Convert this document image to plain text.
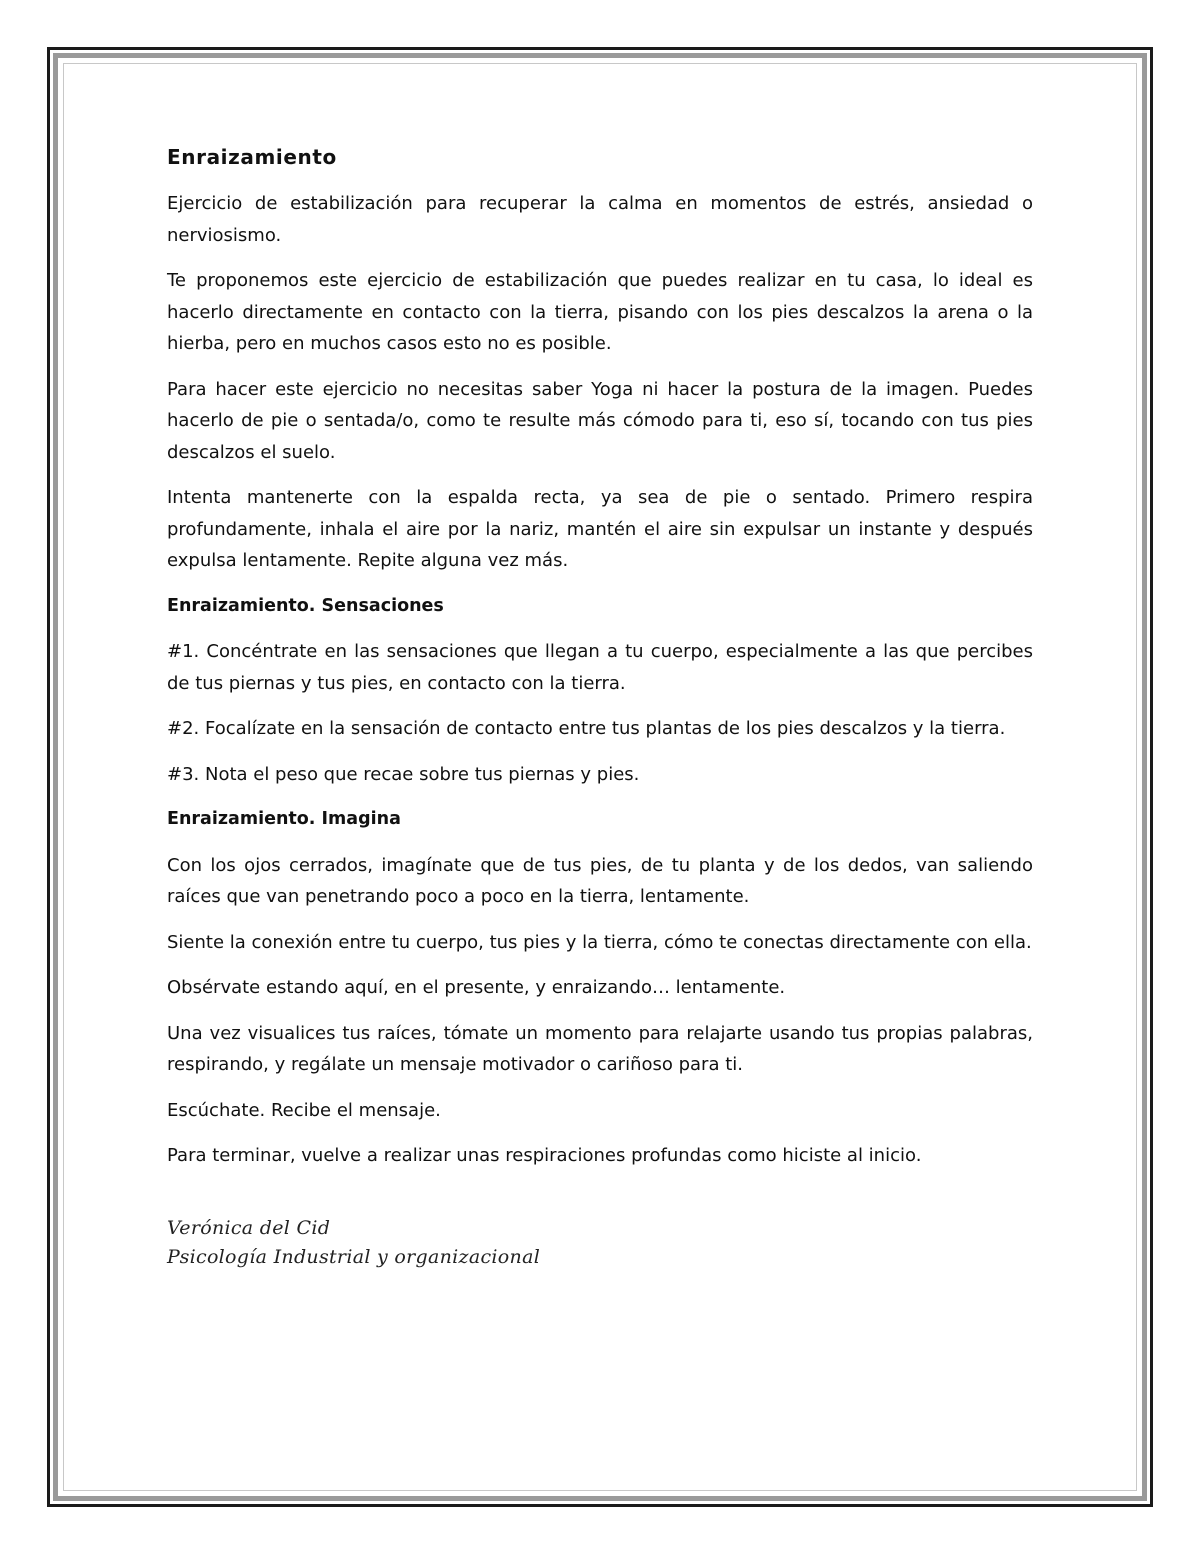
Enraizamiento

Ejercicio de estabilización para recuperar la calma en momentos de estrés, ansiedad o nerviosismo.

Te proponemos este ejercicio de estabilización que puedes realizar en tu casa, lo ideal es hacerlo directamente en contacto con la tierra, pisando con los pies descalzos la arena o la hierba, pero en muchos casos esto no es posible.

Para hacer este ejercicio no necesitas saber Yoga ni hacer la postura de la imagen. Puedes hacerlo de pie o sentada/o, como te resulte más cómodo para ti, eso sí, tocando con tus pies descalzos el suelo.

Intenta mantenerte con la espalda recta, ya sea de pie o sentado. Primero respira profundamente, inhala el aire por la nariz, mantén el aire sin expulsar un instante y después expulsa lentamente. Repite alguna vez más.

Enraizamiento. Sensaciones

#1. Concéntrate en las sensaciones que llegan a tu cuerpo, especialmente a las que percibes de tus piernas y tus pies, en contacto con la tierra.

#2. Focalízate en la sensación de contacto entre tus plantas de los pies descalzos y la tierra.

#3. Nota el peso que recae sobre tus piernas y pies.

Enraizamiento. Imagina

Con los ojos cerrados, imagínate que de tus pies, de tu planta y de los dedos, van saliendo raíces que van penetrando poco a poco en la tierra, lentamente.

Siente la conexión entre tu cuerpo, tus pies y la tierra, cómo te conectas directamente con ella.

Obsérvate estando aquí, en el presente, y enraizando… lentamente.

Una vez visualices tus raíces, tómate un momento para relajarte usando tus propias palabras, respirando, y regálate un mensaje motivador o cariñoso para ti.

Escúchate. Recibe el mensaje.

Para terminar, vuelve a realizar unas respiraciones profundas como hiciste al inicio.

Verónica del Cid
Psicología Industrial y organizacional
